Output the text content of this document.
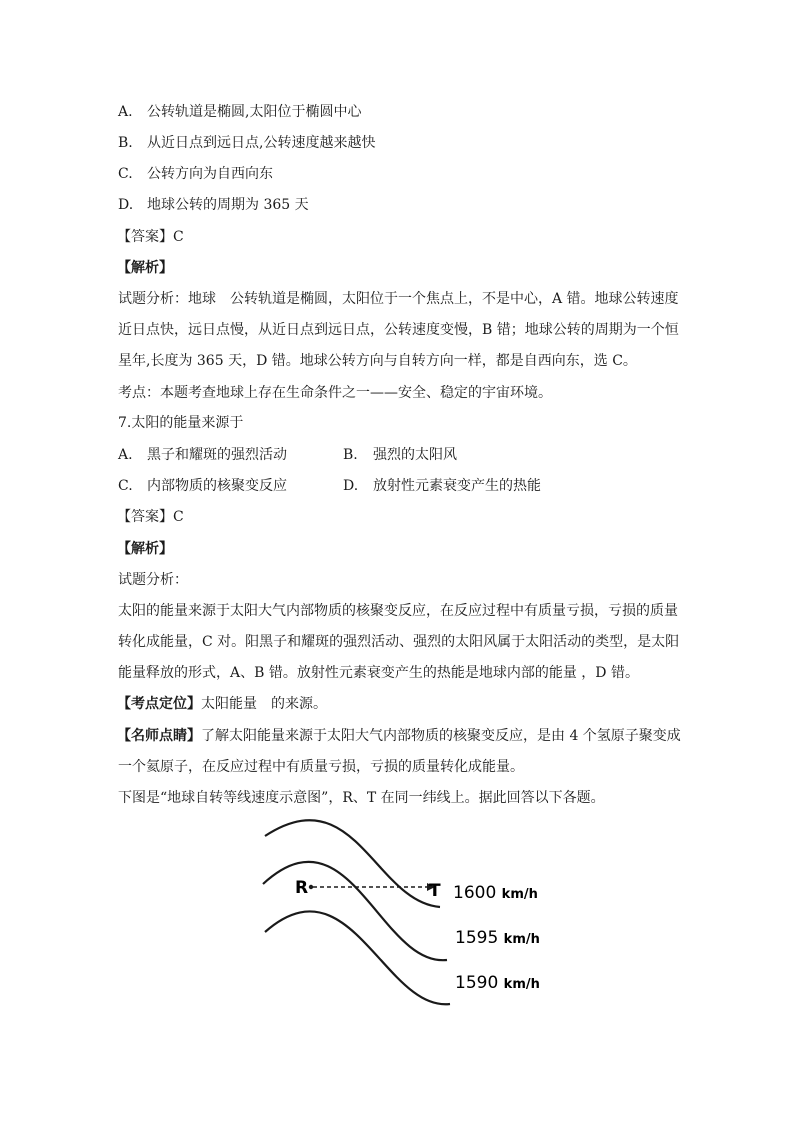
A. 公转轨道是椭圆,太阳位于椭圆中心
B. 从近日点到远日点,公转速度越来越快
C. 公转方向为自西向东
D. 地球公转的周期为 365 天
【答案】C
【解析】
试题分析：地球　公转轨道是椭圆，太阳位于一个焦点上，不是中心，A 错。地球公转速度
近日点快，远日点慢，从近日点到远日点，公转速度变慢，B 错；地球公转的周期为一个恒
星年,长度为 365 天，D 错。地球公转方向与自转方向一样，都是自西向东，选 C。
考点：本题考查地球上存在生命条件之一——安全、稳定的宇宙环境。
7.太阳的能量来源于
A. 黑子和耀斑的强烈活动	B. 强烈的太阳风
C. 内部物质的核聚变反应	D. 放射性元素衰变产生的热能
【答案】C
【解析】
试题分析：
太阳的能量来源于太阳大气内部物质的核聚变反应，在反应过程中有质量亏损，亏损的质量
转化成能量，C 对。阳黑子和耀斑的强烈活动、强烈的太阳风属于太阳活动的类型，是太阳
能量释放的形式，A、B 错。放射性元素衰变产生的热能是地球内部的能量 ，D 错。
【考点定位】太阳能量　的来源。
【名师点睛】了解太阳能量来源于太阳大气内部物质的核聚变反应，是由 4 个氢原子聚变成
一个氦原子，在反应过程中有质量亏损，亏损的质量转化成能量。
下图是“地球自转等线速度示意图”，R、T 在同一纬线上。据此回答以下各题。
R	T 1600 km/h
1595 km/h
1590 km/h
